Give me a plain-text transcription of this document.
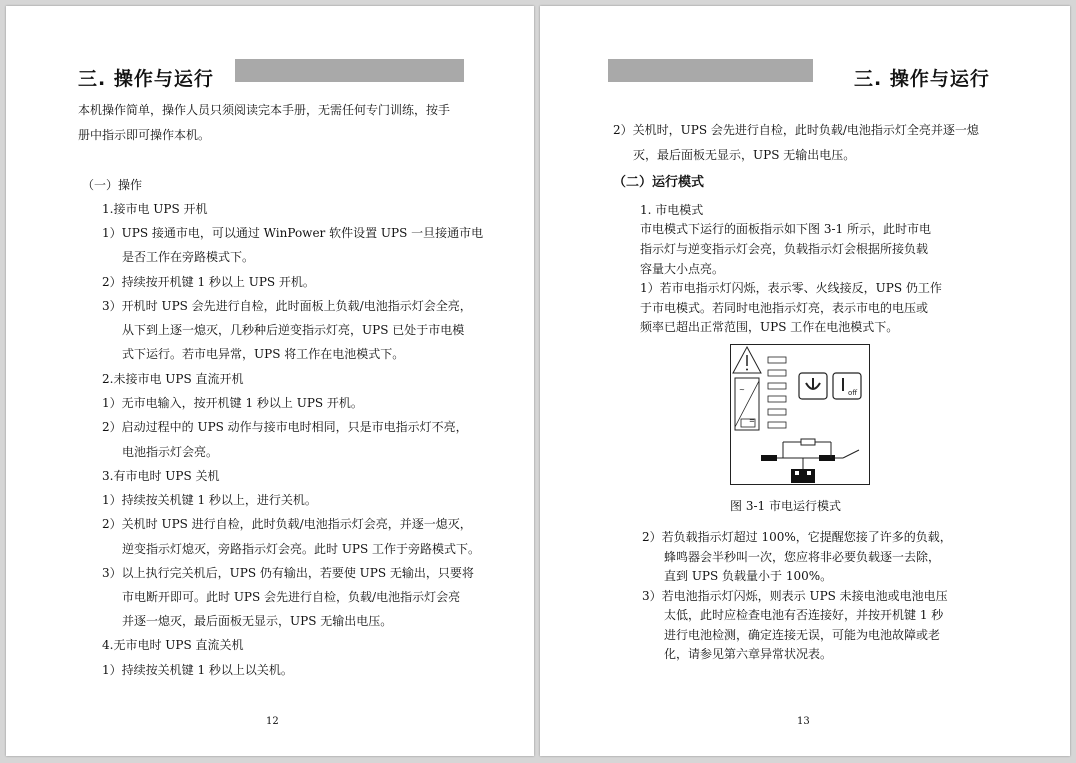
三. 操作与运行
本机操作简单，操作人员只须阅读完本手册，无需任何专门训练，按手
册中指示即可操作本机。
（一）操作
1.接市电 UPS 开机
1）UPS 接通市电，可以通过 WinPower 软件设置 UPS 一旦接通市电
是否工作在旁路模式下。
2）持续按开机键 1 秒以上 UPS 开机。
3）开机时 UPS 会先进行自检，此时面板上负载/电池指示灯会全亮，
从下到上逐一熄灭，几秒种后逆变指示灯亮，UPS 已处于市电模
式下运行。若市电异常，UPS 将工作在电池模式下。
2.未接市电 UPS 直流开机
1）无市电输入，按开机键 1 秒以上 UPS 开机。
2）启动过程中的 UPS 动作与接市电时相同，只是市电指示灯不亮，
电池指示灯会亮。
3.有市电时 UPS 关机
1）持续按关机键 1 秒以上，进行关机。
2）关机时 UPS 进行自检，此时负载/电池指示灯会亮，并逐一熄灭，
逆变指示灯熄灭，旁路指示灯会亮。此时 UPS 工作于旁路模式下。
3）以上执行完关机后，UPS 仍有输出，若要使 UPS 无输出，只要将
市电断开即可。此时 UPS 会先进行自检，负载/电池指示灯会亮
并逐一熄灭，最后面板无显示，UPS 无输出电压。
4.无市电时 UPS 直流关机
1）持续按关机键 1 秒以上以关机。
12
三. 操作与运行
2）关机时，UPS 会先进行自检，此时负载/电池指示灯全亮并逐一熄
灭，最后面板无显示，UPS 无输出电压。
（二）运行模式
1. 市电模式
市电模式下运行的面板指示如下图 3-1 所示，此时市电
指示灯与逆变指示灯会亮，负载指示灯会根据所接负载
容量大小点亮。
1）若市电指示灯闪烁，表示零、火线接反，UPS 仍工作
于市电模式。若同时电池指示灯亮，表示市电的电压或
频率已超出正常范围，UPS 工作在电池模式下。
~
=
off
图 3-1 市电运行模式
2）若负载指示灯超过 100%，它提醒您接了许多的负载，
蜂鸣器会半秒叫一次，您应将非必要负载逐一去除，
直到 UPS 负载量小于 100%。
3）若电池指示灯闪烁，则表示 UPS 未接电池或电池电压
太低，此时应检查电池有否连接好，并按开机键 1 秒
进行电池检测，确定连接无误，可能为电池故障或老
化，请参见第六章异常状况表。
13
